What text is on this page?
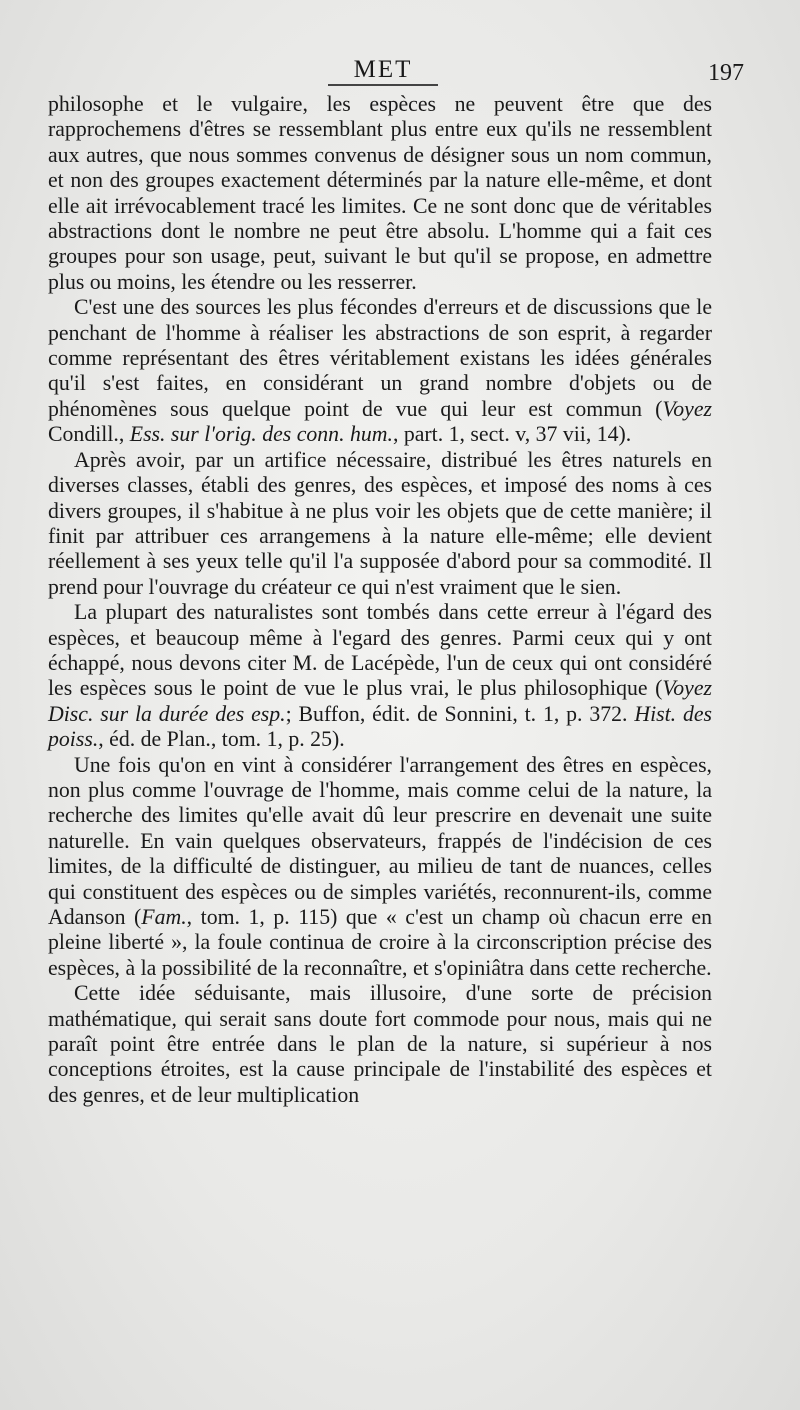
MET	197

philosophe et le vulgaire, les espèces ne peuvent être que des rapprochemens d'êtres se ressemblant plus entre eux qu'ils ne ressemblent aux autres, que nous sommes convenus de désigner sous un nom commun, et non des groupes exactement déterminés par la nature elle-même, et dont elle ait irrévocablement tracé les limites. Ce ne sont donc que de véritables abstractions dont le nombre ne peut être absolu. L'homme qui a fait ces groupes pour son usage, peut, suivant le but qu'il se propose, en admettre plus ou moins, les étendre ou les resserrer.

C'est une des sources les plus fécondes d'erreurs et de discussions que le penchant de l'homme à réaliser les abstractions de son esprit, à regarder comme représentant des êtres véritablement existans les idées générales qu'il s'est faites, en considérant un grand nombre d'objets ou de phénomènes sous quelque point de vue qui leur est commun (Voyez Condill., Ess. sur l'orig. des conn. hum., part. 1, sect. v, 37 vii, 14).

Après avoir, par un artifice nécessaire, distribué les êtres naturels en diverses classes, établi des genres, des espèces, et imposé des noms à ces divers groupes, il s'habitue à ne plus voir les objets que de cette manière; il finit par attribuer ces arrangemens à la nature elle-même; elle devient réellement à ses yeux telle qu'il l'a supposée d'abord pour sa commodité. Il prend pour l'ouvrage du créateur ce qui n'est vraiment que le sien.

La plupart des naturalistes sont tombés dans cette erreur à l'égard des espèces, et beaucoup même à l'egard des genres. Parmi ceux qui y ont échappé, nous devons citer M. de Lacépède, l'un de ceux qui ont considéré les espèces sous le point de vue le plus vrai, le plus philosophique (Voyez Disc. sur la durée des esp.; Buffon, édit. de Sonnini, t. 1, p. 372. Hist. des poiss., éd. de Plan., tom. 1, p. 25).

Une fois qu'on en vint à considérer l'arrangement des êtres en espèces, non plus comme l'ouvrage de l'homme, mais comme celui de la nature, la recherche des limites qu'elle avait dû leur prescrire en devenait une suite naturelle. En vain quelques observateurs, frappés de l'indécision de ces limites, de la difficulté de distinguer, au milieu de tant de nuances, celles qui constituent des espèces ou de simples variétés, reconnurent-ils, comme Adanson (Fam., tom. 1, p. 115) que « c'est un champ où chacun erre en pleine liberté », la foule continua de croire à la circonscription précise des espèces, à la possibilité de la reconnaître, et s'opiniâtra dans cette recherche.

Cette idée séduisante, mais illusoire, d'une sorte de précision mathématique, qui serait sans doute fort commode pour nous, mais qui ne paraît point être entrée dans le plan de la nature, si supérieur à nos conceptions étroites, est la cause principale de l'instabilité des espèces et des genres, et de leur multiplication
